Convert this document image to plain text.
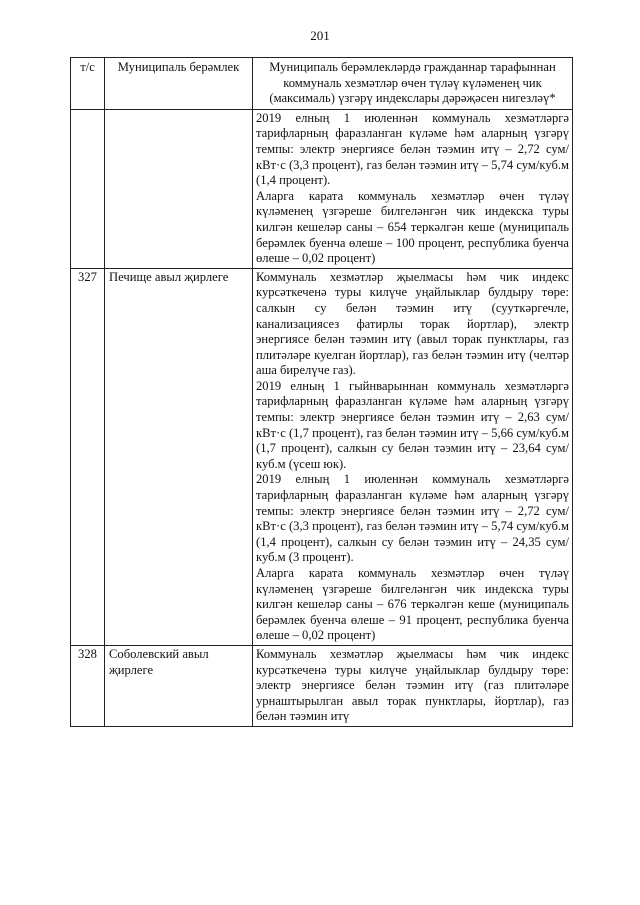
201
т/с	Муниципаль берәмлек	Муниципаль берәмлекләрдә гражданнар тарафыннан коммуналь хезмәтләр өчен түләү күләменең чик (максималь) үзгәрү индекслары дәрәҗәсен нигезләү*

		2019 елның 1 июленнән коммуналь хезмәтләргә тарифларның фаразланган күләме һәм аларның үзгәрү темпы: электр энергиясе белән тәэмин итү – 2,72 сум/кВт·с (3,3 процент), газ белән тәэмин итү – 5,74 сум/куб.м (1,4 процент).
Аларга карата коммуналь хезмәтләр өчен түләү күләменең үзгәреше билгеләнгән чик индекска туры килгән кешеләр саны – 654 теркәлгән кеше (муниципаль берәмлек буенча өлеше – 100 процент, республика буенча өлеше – 0,02 процент)

327	Печище авыл җирлеге	Коммуналь хезмәтләр җыелмасы һәм чик индекс курсәткеченә туры килүче уңайлыклар булдыру төре: салкын су белән тәэмин итү (сууткәргечле, канализациясез фатирлы торак йортлар), электр энергиясе белән тәэмин итү (авыл торак пунктлары, газ плитәләре куелган йортлар), газ белән тәэмин итү (челтәр аша бирелүче газ).
2019 елның 1 гыйнварыннан коммуналь хезмәтләргә тарифларның фаразланган күләме һәм аларның үзгәрү темпы: электр энергиясе белән тәэмин итү – 2,63 сум/кВт·с (1,7 процент), газ белән тәэмин итү – 5,66 сум/куб.м (1,7 процент), салкын су белән тәэмин итү – 23,64 сум/куб.м (үсеш юк).
2019 елның 1 июленнән коммуналь хезмәтләргә тарифларның фаразланган күләме һәм аларның үзгәрү темпы: электр энергиясе белән тәэмин итү – 2,72 сум/кВт·с (3,3 процент), газ белән тәэмин итү – 5,74 сум/куб.м (1,4 процент), салкын су белән тәэмин итү – 24,35 сум/куб.м (3 процент).
Аларга карата коммуналь хезмәтләр өчен түләү күләменең үзгәреше билгеләнгән чик индекска туры килгән кешеләр саны – 676 теркәлгән кеше (муниципаль берәмлек буенча өлеше – 91 процент, республика буенча өлеше – 0,02 процент)

328	Соболевский авыл җирлеге	Коммуналь хезмәтләр җыелмасы һәм чик индекс курсәткеченә туры килүче уңайлыклар булдыру төре: электр энергиясе белән тәэмин итү (газ плитәләре урнаштырылган авыл торак пунктлары, йортлар), газ белән тәэмин итү
